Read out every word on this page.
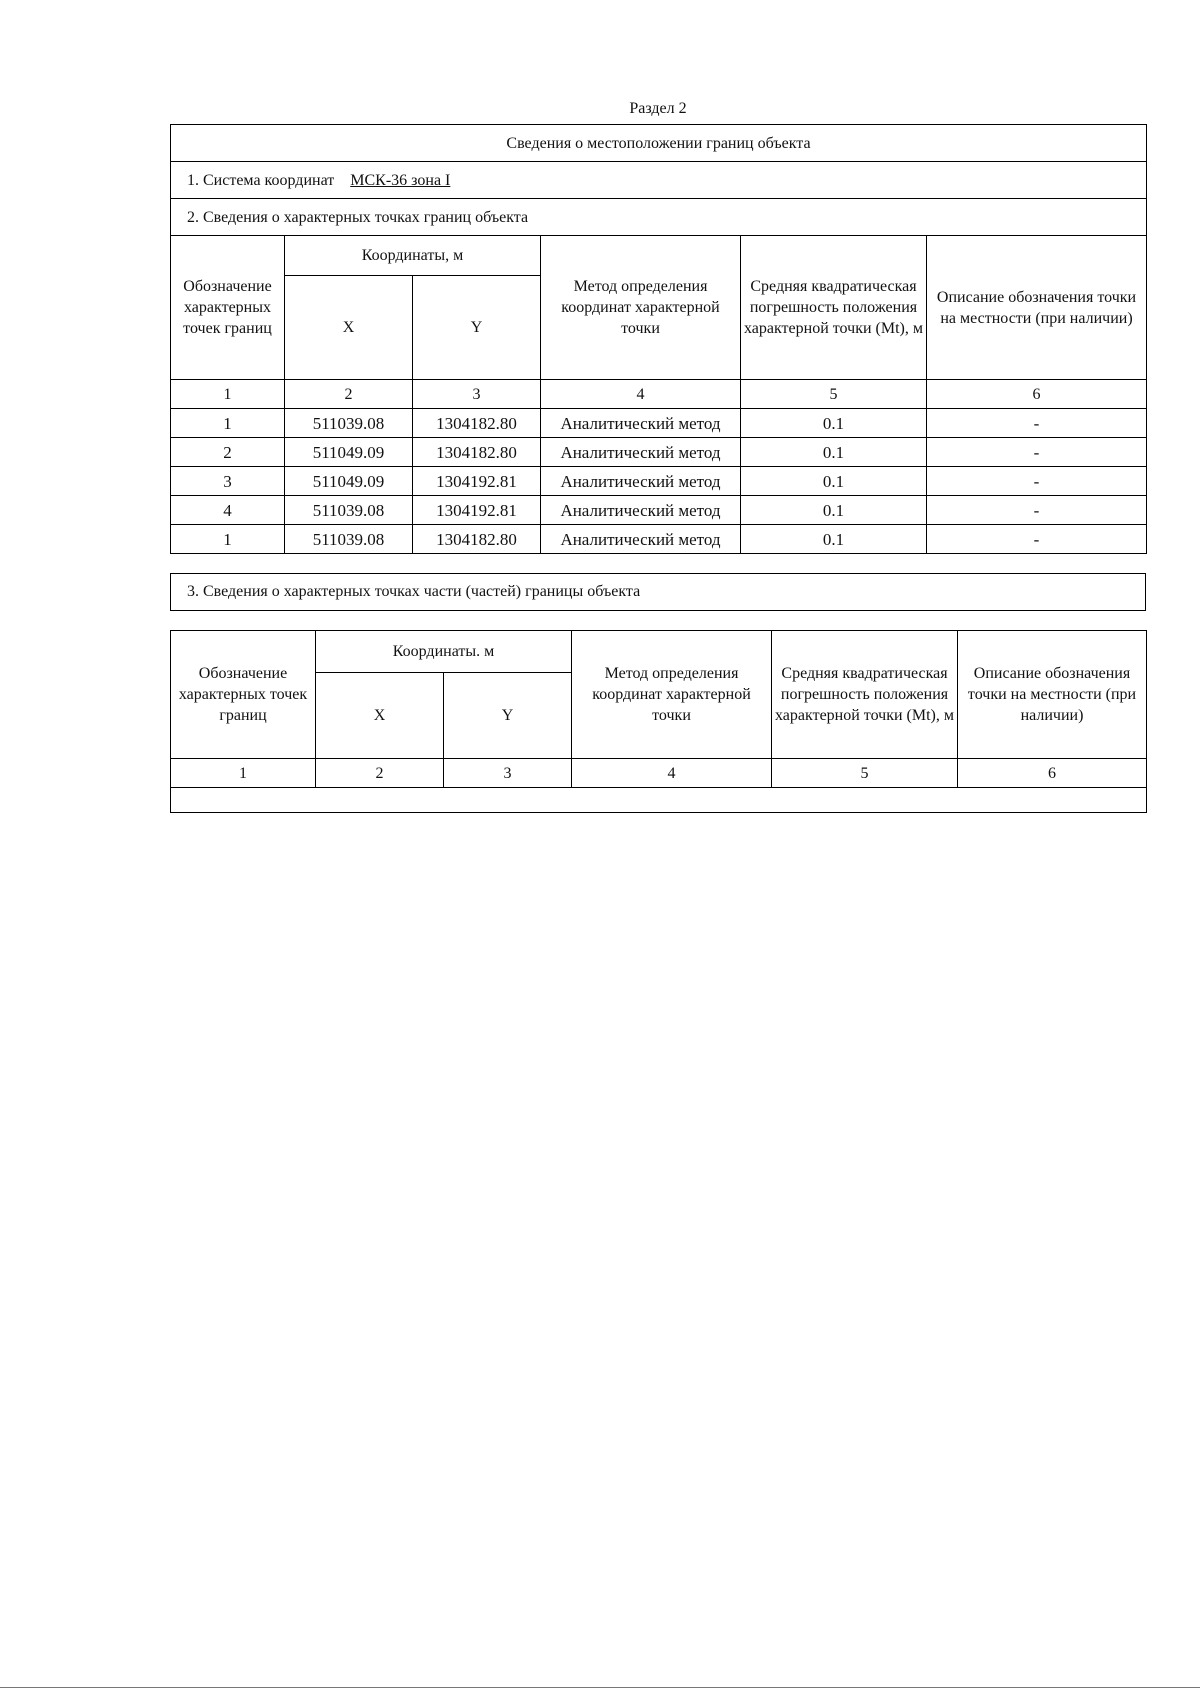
Раздел 2
Сведения о местоположении границ объекта					
1. Система координат МСК-36 зона I					
2. Сведения о характерных точках границ объекта					
Обозначение характерных точек границ	Координаты, м		Метод определения координат характерной точки	Средняя квадратическая погрешность положения характерной точки (Mt), м	Описание обозначения точки на местности (при наличии)
	X	Y			
1	2	3	4	5	6
1	511039.08	1304182.80	Аналитический метод	0.1	-
2	511049.09	1304182.80	Аналитический метод	0.1	-
3	511049.09	1304192.81	Аналитический метод	0.1	-
4	511039.08	1304192.81	Аналитический метод	0.1	-
1	511039.08	1304182.80	Аналитический метод	0.1	-
3. Сведения о характерных точках части (частей) границы объекта
Обозначение характерных точек границ	Координаты. м		Метод определения координат характерной точки	Средняя квадратическая погрешность положения характерной точки (Mt), м	Описание обозначения точки на местности (при наличии)
	X	Y			
1	2	3	4	5	6
